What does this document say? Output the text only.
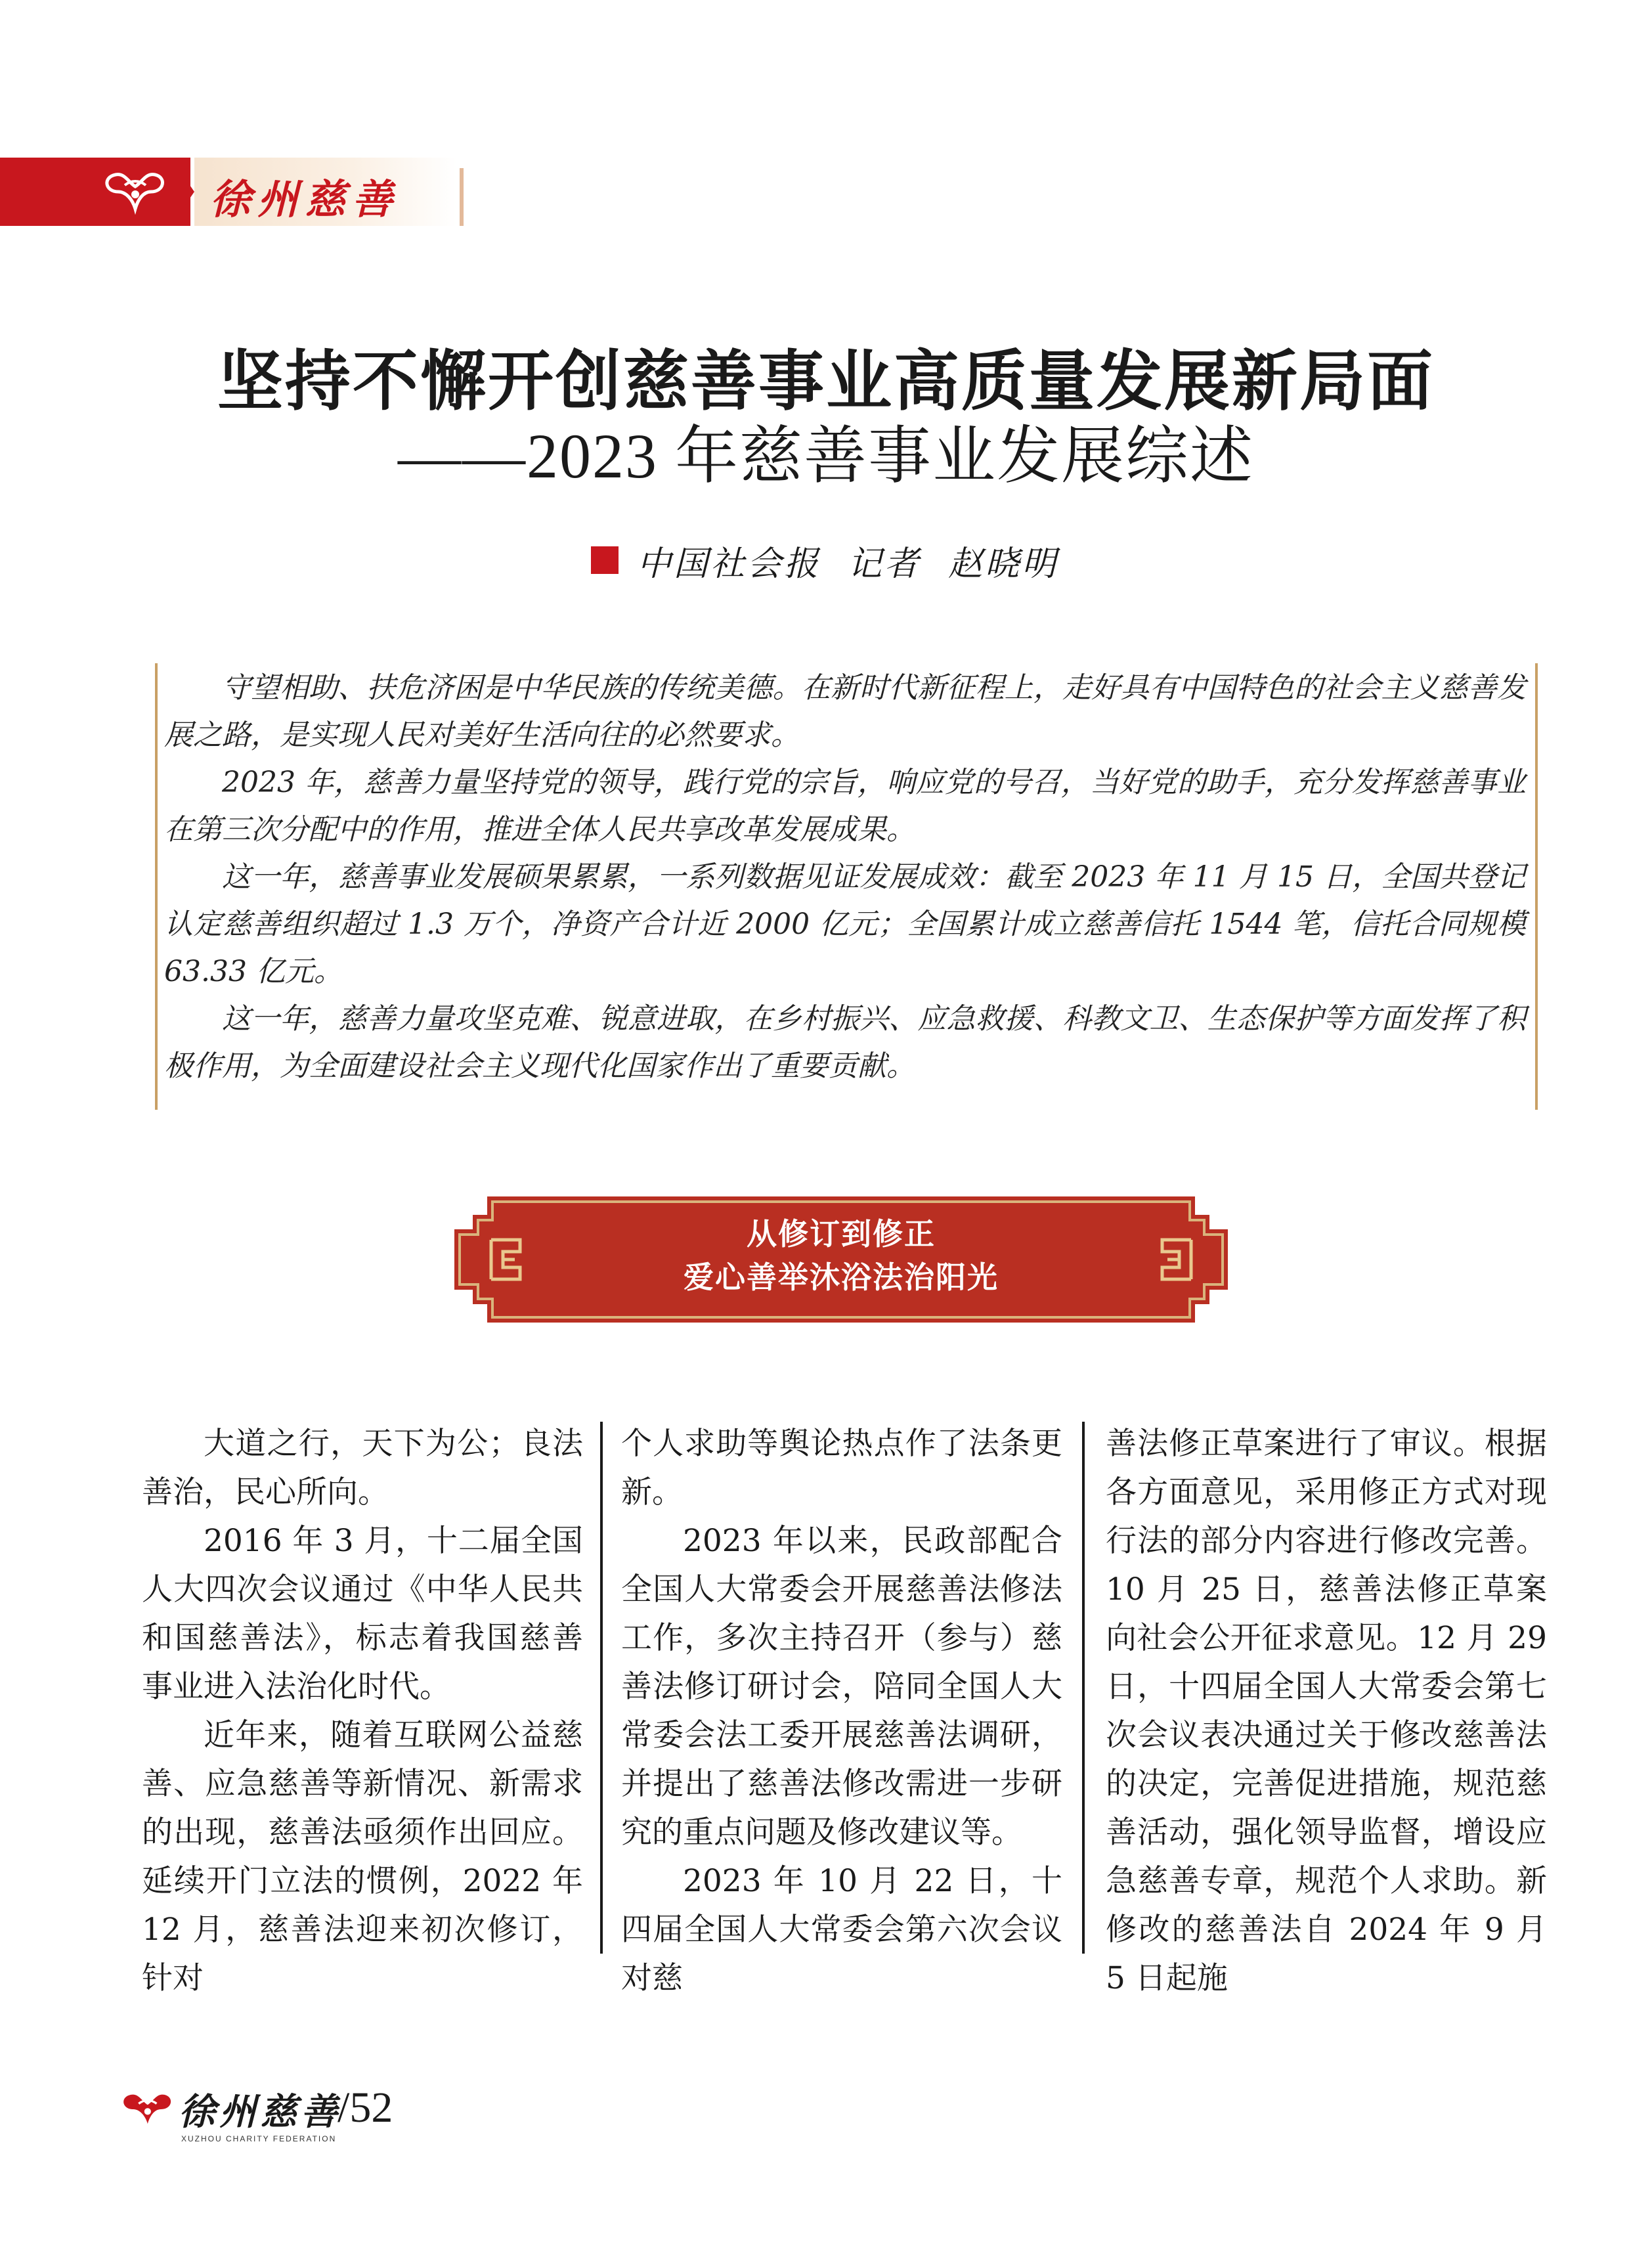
徐州慈善
坚持不懈开创慈善事业高质量发展新局面
——2023 年慈善事业发展综述
中国社会报  记者  赵晓明

守望相助、扶危济困是中华民族的传统美德。在新时代新征程上，走好具有中国特色的社会主义慈善发展之路，是实现人民对美好生活向往的必然要求。

2023 年，慈善力量坚持党的领导，践行党的宗旨，响应党的号召，当好党的助手，充分发挥慈善事业在第三次分配中的作用，推进全体人民共享改革发展成果。

这一年，慈善事业发展硕果累累，一系列数据见证发展成效：截至 2023 年 11 月 15 日，全国共登记认定慈善组织超过 1.3 万个，净资产合计近 2000 亿元；全国累计成立慈善信托 1544 笔，信托合同规模 63.33 亿元。

这一年，慈善力量攻坚克难、锐意进取，在乡村振兴、应急救援、科教文卫、生态保护等方面发挥了积极作用，为全面建设社会主义现代化国家作出了重要贡献。

从修订到修正
爱心善举沐浴法治阳光

大道之行，天下为公；良法善治，民心所向。

2016 年 3 月，十二届全国人大四次会议通过《中华人民共和国慈善法》，标志着我国慈善事业进入法治化时代。

近年来，随着互联网公益慈善、应急慈善等新情况、新需求的出现，慈善法亟须作出回应。延续开门立法的惯例，2022 年 12 月，慈善法迎来初次修订，针对

个人求助等舆论热点作了法条更新。

2023 年以来，民政部配合全国人大常委会开展慈善法修法工作，多次主持召开（参与）慈善法修订研讨会，陪同全国人大常委会法工委开展慈善法调研，并提出了慈善法修改需进一步研究的重点问题及修改建议等。

2023 年 10 月 22 日，十四届全国人大常委会第六次会议对慈

善法修正草案进行了审议。根据各方面意见，采用修正方式对现行法的部分内容进行修改完善。10 月 25 日，慈善法修正草案向社会公开征求意见。12 月 29 日，十四届全国人大常委会第七次会议表决通过关于修改慈善法的决定，完善促进措施，规范慈善活动，强化领导监督，增设应急慈善专章，规范个人求助。新修改的慈善法自 2024 年 9 月 5 日起施

徐州慈善
XUZHOU CHARITY FEDERATION
/52
